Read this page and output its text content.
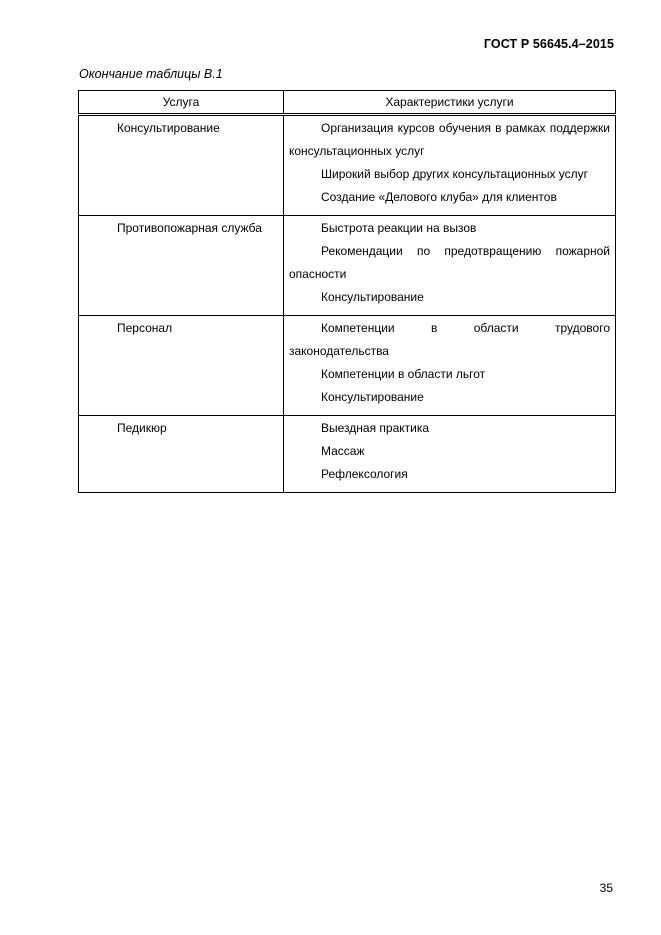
ГОСТ Р 56645.4–2015
Окончание таблицы В.1
Услуга	Характеристики услуги
Консультирование	Организация курсов обучения в рамках поддержки консультационных услуг

Широкий выбор других консультационных услуг

Создание «Делового клуба» для клиентов

Противопожарная служба	Быстрота реакции на вызов

Рекомендации по предотвращению пожарной опасности

Консультирование

Персонал	Компетенции в области трудового законодательства

Компетенции в области льгот

Консультирование

Педикюр	Выездная практика

Массаж

Рефлексология

35
